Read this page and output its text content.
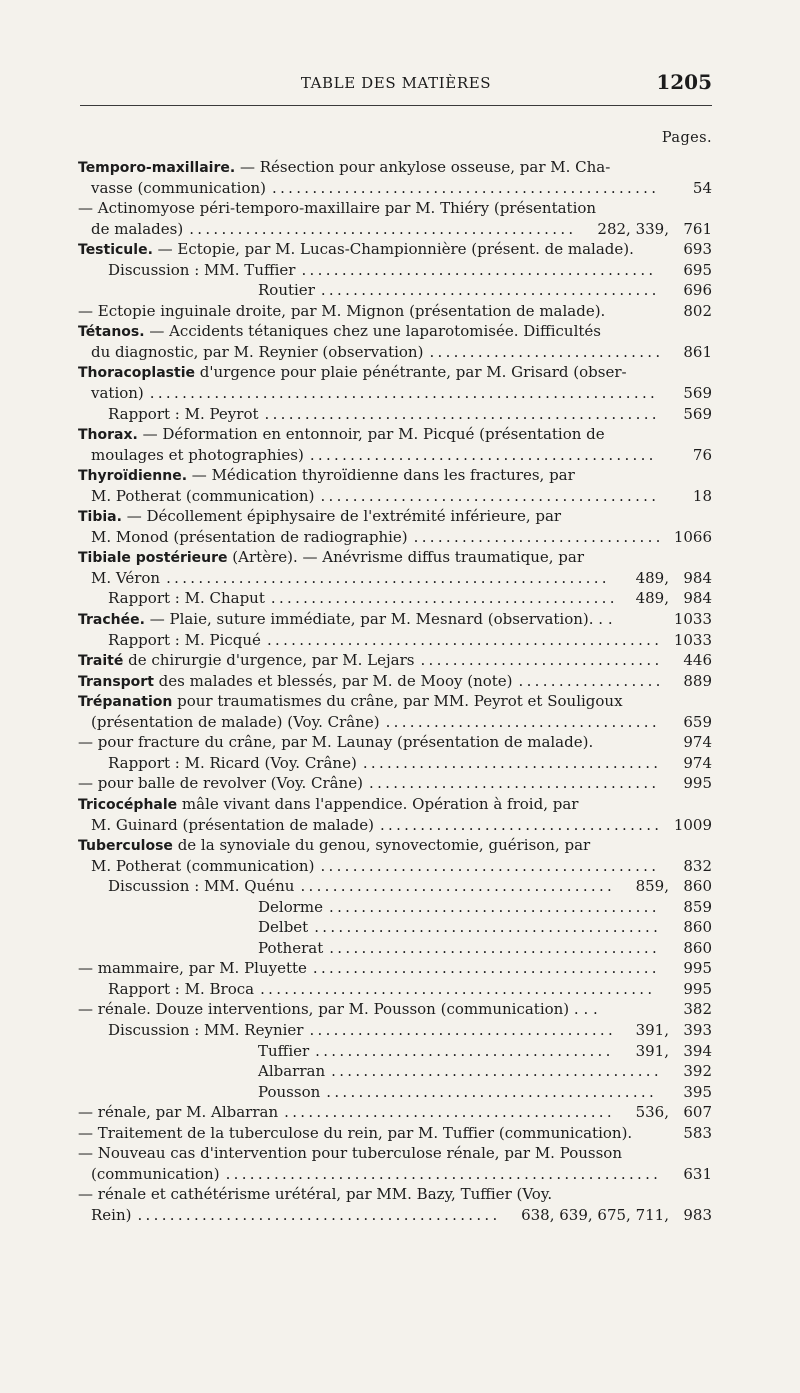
TABLE DES MATIÈRES	1205
Pages.
Temporo-maxillaire. — Résection pour ankylose osseuse, par M. Cha-
vasse (communication)	54
................................................
— Actinomyose péri-temporo-maxillaire par M. Thiéry (présentation
de malades)	282, 339, 761
................................................
Testicule. — Ectopie, par M. Lucas-Championnière (présent. de malade).	693
Discussion : MM. Tuffier	695
............................................
Routier	696
..........................................
— Ectopie inguinale droite, par M. Mignon (présentation de malade).	802
Tétanos. — Accidents tétaniques chez une laparotomisée. Difficultés
du diagnostic, par M. Reynier (observation)	861
.............................
Thoracoplastie d'urgence pour plaie pénétrante, par M. Grisard (obser-
vation)	569
...............................................................
Rapport : M. Peyrot	569
.................................................
Thorax. — Déformation en entonnoir, par M. Picqué (présentation de
moulages et photographies)	76
...........................................
Thyroïdienne. — Médication thyroïdienne dans les fractures, par
M. Potherat (communication)	18
..........................................
Tibia. — Décollement épiphysaire de l'extrémité inférieure, par
M. Monod (présentation de radiographie)	1066
...............................
Tibiale postérieure (Artère). — Anévrisme diffus traumatique, par
M. Véron	489, 984
.......................................................
Rapport : M. Chaput	489, 984
...........................................
Trachée. — Plaie, suture immédiate, par M. Mesnard (observation). . .	1033
Rapport : M. Picqué	1033
.................................................
Traité de chirurgie d'urgence, par M. Lejars	446
..............................
Transport des malades et blessés, par M. de Mooy (note)	889
..................
Trépanation pour traumatismes du crâne, par MM. Peyrot et Souligoux
(présentation de malade) (Voy. Crâne)	659
..................................
— pour fracture du crâne, par M. Launay (présentation de malade).	974
Rapport : M. Ricard (Voy. Crâne)	974
.....................................
— pour balle de revolver (Voy. Crâne)	995
....................................
Tricocéphale mâle vivant dans l'appendice. Opération à froid, par
M. Guinard (présentation de malade)	1009
...................................
Tuberculose de la synoviale du genou, synovectomie, guérison, par
M. Potherat (communication)	832
..........................................
Discussion : MM. Quénu	859, 860
.......................................
Delorme	859
.........................................
Delbet	860
...........................................
Potherat	860
.........................................
— mammaire, par M. Pluyette	995
...........................................
Rapport : M. Broca	995
.................................................
— rénale. Douze interventions, par M. Pousson (communication) . . .	382
Discussion : MM. Reynier	391, 393
......................................
Tuffier	391, 394
.....................................
Albarran	392
.........................................
Pousson	395
.........................................
— rénale, par M. Albarran	536, 607
.........................................
— Traitement de la tuberculose du rein, par M. Tuffier (communication).	583
— Nouveau cas d'intervention pour tuberculose rénale, par M. Pousson
(communication)	631
......................................................
— rénale et cathétérisme urétéral, par MM. Bazy, Tuffier (Voy.
Rein)	638, 639, 675, 711, 983
.............................................
